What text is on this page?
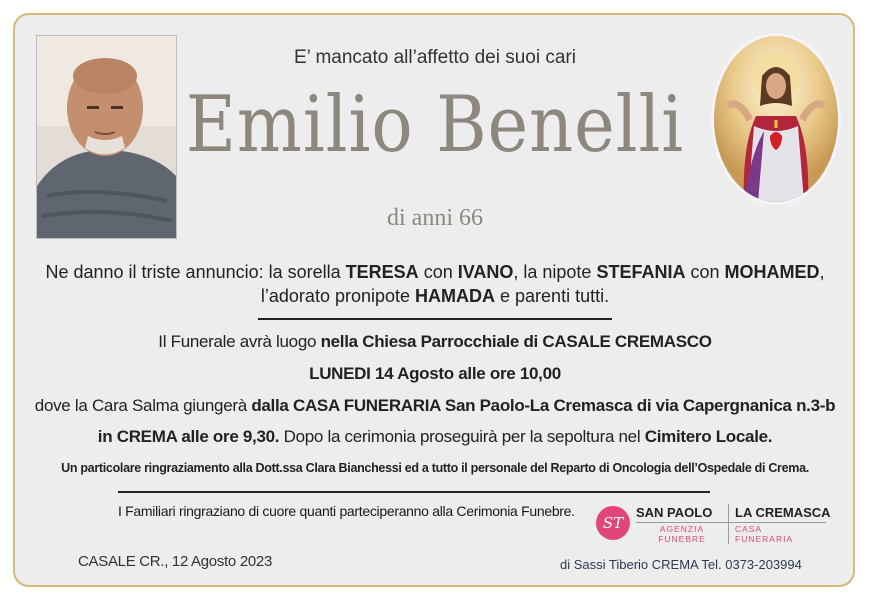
E’ mancato all’affetto dei suoi cari
Emilio Benelli
di anni 66
Ne danno il triste annuncio: la sorella TERESA con IVANO, la nipote STEFANIA con MOHAMED,
l’adorato pronipote HAMADA e parenti tutti.
Il Funerale avrà luogo nella Chiesa Parrocchiale di CASALE CREMASCO
LUNEDI 14 Agosto alle ore 10,00
dove la Cara Salma giungerà dalla CASA FUNERARIA San Paolo-La Cremasca di via Capergnanica n.3-b
in CREMA alle ore 9,30. Dopo la cerimonia proseguirà per la sepoltura nel Cimitero Locale.
Un particolare ringraziamento alla Dott.ssa Clara Bianchessi ed a tutto il personale del Reparto di Oncologia dell’Ospedale di Crema.
I Familiari ringraziano di cuore quanti parteciperanno alla Cerimonia Funebre.
ST
SAN PAOLO LA CREMASCA
AGENZIA
FUNEBRE
CASA
FUNERARIA
CASALE CR., 12 Agosto 2023	di Sassi Tiberio CREMA Tel. 0373-203994
